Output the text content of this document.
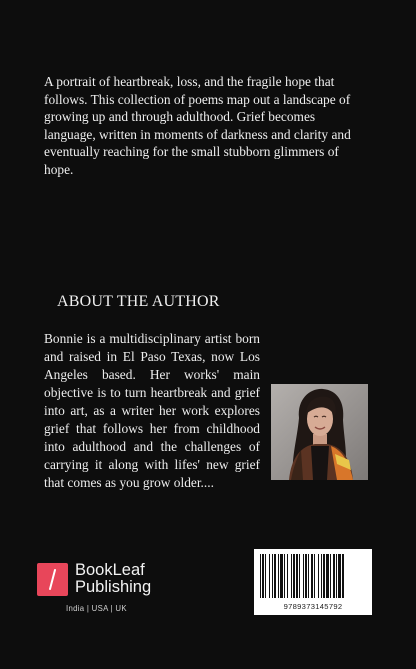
A portrait of heartbreak, loss, and the fragile hope that follows. This collection of poems map out a landscape of growing up and through adulthood. Grief becomes language, written in moments of darkness and clarity and eventually reaching for the small stubborn glimmers of hope.

ABOUT THE AUTHOR

Bonnie is a multidisciplinary artist born and raised in El Paso Texas, now Los Angeles based. Her works' main objective is to turn heartbreak and grief into art, as a writer her work explores grief that follows her from childhood into adulthood and the challenges of carrying it along with lifes' new grief that comes as you grow older....

BookLeaf
Publishing
India | USA | UK	9789373145792
